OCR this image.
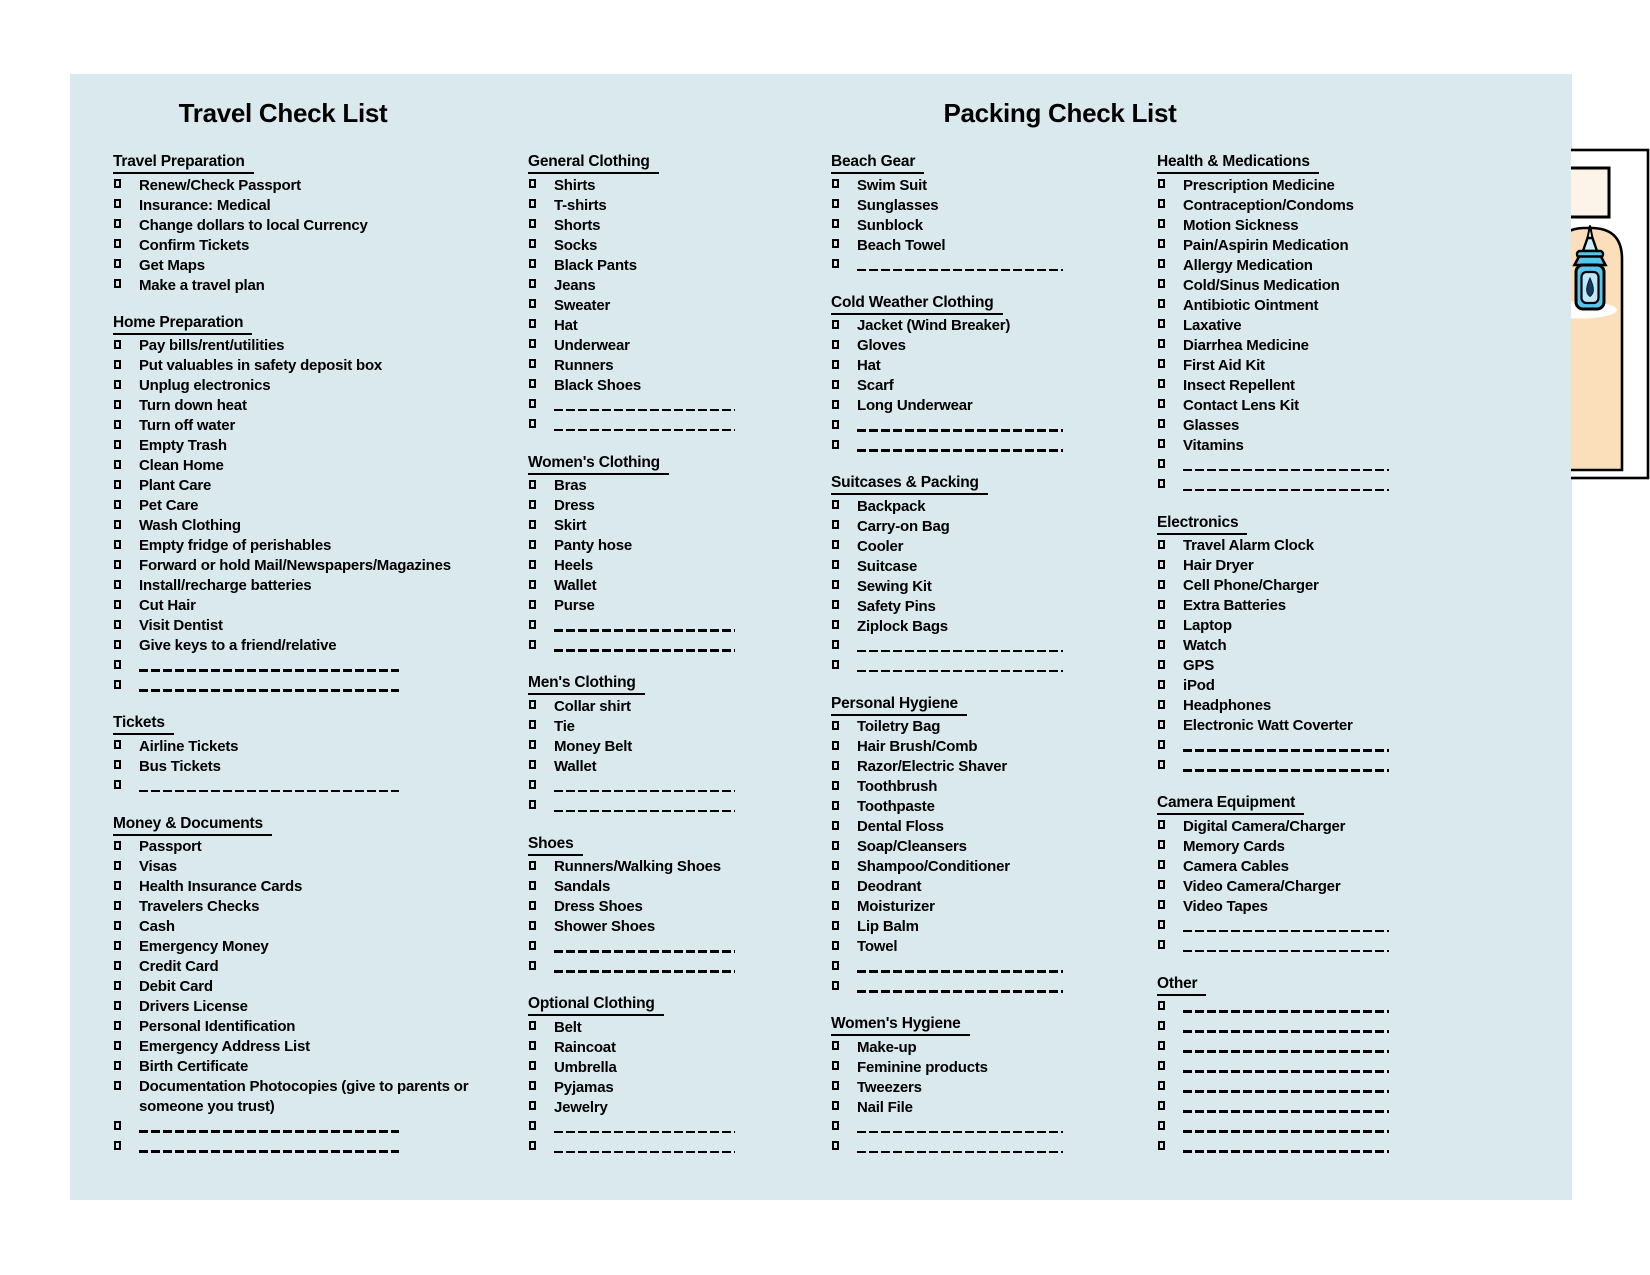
Travel Check List	Packing Check List
Travel Preparation
Renew/Check Passport
Insurance: Medical
Change dollars to local Currency
Confirm Tickets
Get Maps
Make a travel plan
Home Preparation
Pay bills/rent/utilities
Put valuables in safety deposit box
Unplug electronics
Turn down heat
Turn off water
Empty Trash
Clean Home
Plant Care
Pet Care
Wash Clothing
Empty fridge of perishables
Forward or hold Mail/Newspapers/Magazines
Install/recharge batteries
Cut Hair
Visit Dentist
Give keys to a friend/relative
Tickets
Airline Tickets
Bus Tickets
Money & Documents
Passport
Visas
Health Insurance Cards
Travelers Checks
Cash
Emergency Money
Credit Card
Debit Card
Drivers License
Personal Identification
Emergency Address List
Birth Certificate
Documentation Photocopies (give to parents or someone you trust)
General Clothing
Shirts
T-shirts
Shorts
Socks
Black Pants
Jeans
Sweater
Hat
Underwear
Runners
Black Shoes
Women's Clothing
Bras
Dress
Skirt
Panty hose
Heels
Wallet
Purse
Men's Clothing
Collar shirt
Tie
Money Belt
Wallet
Shoes
Runners/Walking Shoes
Sandals
Dress Shoes
Shower Shoes
Optional Clothing
Belt
Raincoat
Umbrella
Pyjamas
Jewelry
Beach Gear
Swim Suit
Sunglasses
Sunblock
Beach Towel
Cold Weather Clothing
Jacket (Wind Breaker)
Gloves
Hat
Scarf
Long Underwear
Suitcases & Packing
Backpack
Carry-on Bag
Cooler
Suitcase
Sewing Kit
Safety Pins
Ziplock Bags
Personal Hygiene
Toiletry Bag
Hair Brush/Comb
Razor/Electric Shaver
Toothbrush
Toothpaste
Dental Floss
Soap/Cleansers
Shampoo/Conditioner
Deodrant
Moisturizer
Lip Balm
Towel
Women's Hygiene
Make-up
Feminine products
Tweezers
Nail File
Health & Medications
Prescription Medicine
Contraception/Condoms
Motion Sickness
Pain/Aspirin Medication
Allergy Medication
Cold/Sinus Medication
Antibiotic Ointment
Laxative
Diarrhea Medicine
First Aid Kit
Insect Repellent
Contact Lens Kit
Glasses
Vitamins
Electronics
Travel Alarm Clock
Hair Dryer
Cell Phone/Charger
Extra Batteries
Laptop
Watch
GPS
iPod
Headphones
Electronic Watt Coverter
Camera Equipment
Digital Camera/Charger
Memory Cards
Camera Cables
Video Camera/Charger
Video Tapes
Other
